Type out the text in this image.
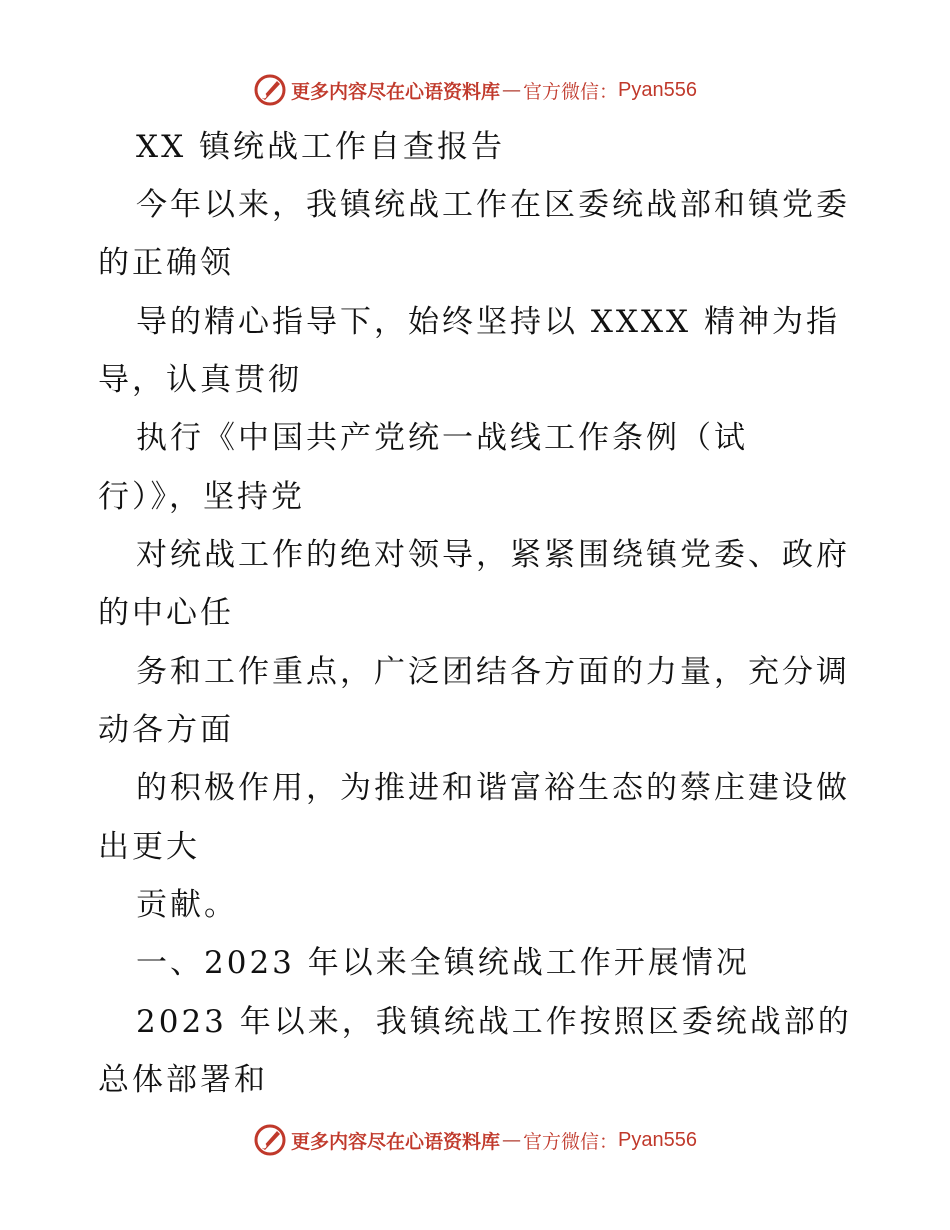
更多内容尽在心语资料库 — 官方微信： Pyan556
XX 镇统战工作自查报告
今年以来，我镇统战工作在区委统战部和镇党委
的正确领
导的精心指导下，始终坚持以 XXXX 精神为指
导，认真贯彻
执行《中国共产党统一战线工作条例（试
行）》，坚持党
对统战工作的绝对领导，紧紧围绕镇党委、政府
的中心任
务和工作重点，广泛团结各方面的力量，充分调
动各方面
的积极作用，为推进和谐富裕生态的蔡庄建设做
出更大
贡献。
一、2023 年以来全镇统战工作开展情况
2023 年以来，我镇统战工作按照区委统战部的
总体部署和
更多内容尽在心语资料库 — 官方微信： Pyan556
